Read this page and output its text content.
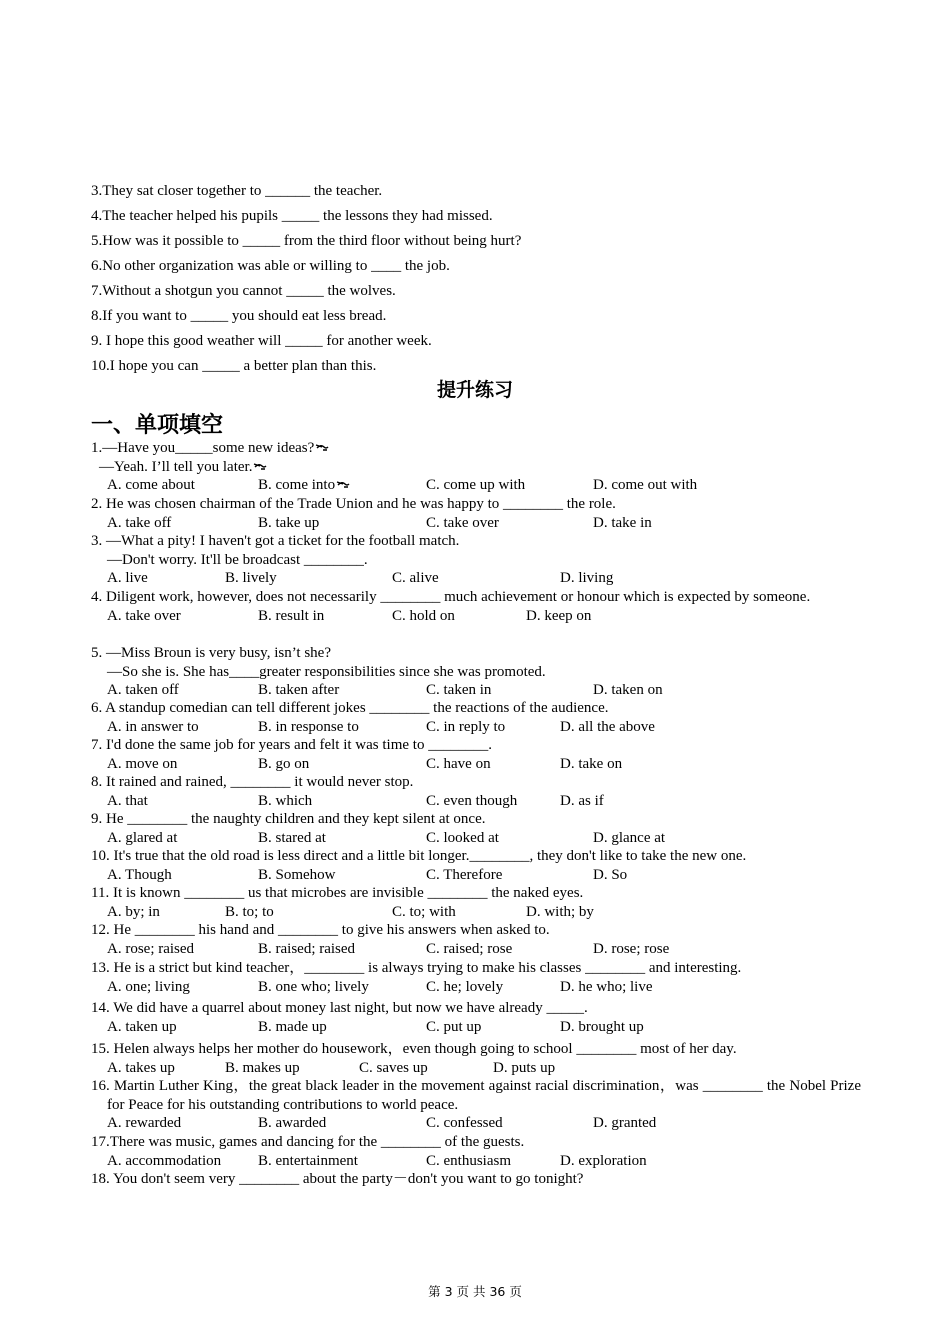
3.They sat closer together to ______ the teacher.
4.The teacher helped his pupils _____ the lessons they had missed.
5.How was it possible to _____ from the third floor without being hurt?
6.No other organization was able or willing to ____ the job.
7.Without a shotgun you cannot _____ the wolves.
8.If you want to _____ you should eat less bread.
9. I hope this good weather will _____ for another week.
10.I hope you can _____ a better plan than this.
提升练习
一、单项填空
1.—Have you_____some new ideas?
—Yeah. I’ll tell you later.
A. come about	B. come into	C. come up with	D. come out with
2. He was chosen chairman of the Trade Union and he was happy to ________ the role.
A. take off	B. take up	C. take over	D. take in
3. —What a pity! I haven't got a ticket for the football match.
—Don't worry. It'll be broadcast ________.
A. live	B. lively	C. alive	D. living
4. Diligent work, however, does not necessarily ________ much achievement or honour which is expected by someone.
A. take over	B. result in	C. hold on	D. keep on
5. —Miss Broun is very busy, isn’t she?
—So she is. She has____greater responsibilities since she was promoted.
A. taken off	B. taken after	C. taken in	D. taken on
6. A standup comedian can tell different jokes ________ the reactions of the audience.
A. in answer to	B. in response to	C. in reply to	D. all the above
7. I'd done the same job for years and felt it was time to ________.
A. move on	B. go on	C. have on	D. take on
8. It rained and rained, ________ it would never stop.
A. that	B. which	C. even though	D. as if
9. He ________ the naughty children and they kept silent at once.
A. glared at	B. stared at	C. looked at	D. glance at
10. It's true that the old road is less direct and a little bit longer.________, they don't like to take the new one.
A. Though	B. Somehow	C. Therefore	D. So
11. It is known ________ us that microbes are invisible ________ the naked eyes.
A. by; in	B. to; to	C. to; with	D. with; by
12. He ________ his hand and ________ to give his answers when asked to.
A. rose; raised	B. raised; raised	C. raised; rose	D. rose; rose
13. He is a strict but kind teacher，________ is always trying to make his classes ________ and interesting.
A. one; living	B. one who; lively	C. he; lovely	D. he who; live
14. We did have a quarrel about money last night, but now we have already _____.
A. taken up	B. made up	C. put up	D. brought up
15. Helen always helps her mother do housework，even though going to school ________ most of her day.
A. takes up	B. makes up	C. saves up	D. puts up
16. Martin Luther King，the great black leader in the movement against racial discrimination，was ________ the Nobel Prize for Peace for his outstanding contributions to world peace.
A. rewarded	B. awarded	C. confessed	D. granted
17.There was music, games and dancing for the ________ of the guests.
A. accommodation B. entertainment	C. enthusiasm	D. exploration
18. You don't seem very ________ about the party－don't you want to go tonight?
第 3 页 共 36 页
